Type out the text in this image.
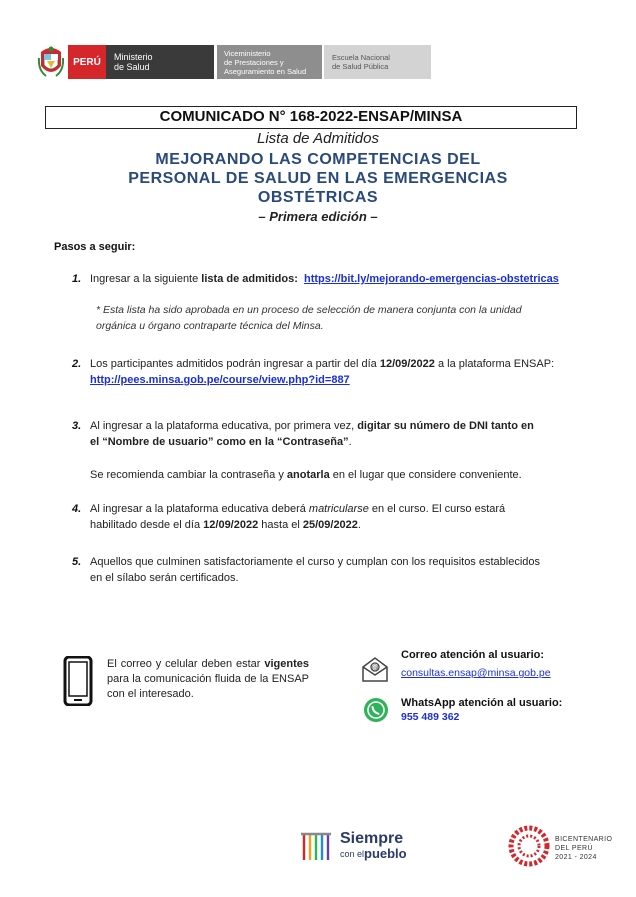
PERÚ Ministerio
de Salud
Viceministerio
de Prestaciones y
Aseguramiento en Salud
Escuela Nacional
de Salud Pública
COMUNICADO N° 168-2022-ENSAP/MINSA
Lista de Admitidos
MEJORANDO LAS COMPETENCIAS DEL
PERSONAL DE SALUD EN LAS EMERGENCIAS
OBSTÉTRICAS
– Primera edición –
Pasos a seguir:
1. Ingresar a la siguiente lista de admitidos: https://bit.ly/mejorando-emergencias-obstetricas
* Esta lista ha sido aprobada en un proceso de selección de manera conjunta con la unidad
orgánica u órgano contraparte técnica del Minsa.
2. Los participantes admitidos podrán ingresar a partir del día 12/09/2022 a la plataforma ENSAP:
http://pees.minsa.gob.pe/course/view.php?id=887
3. Al ingresar a la plataforma educativa, por primera vez, digitar su número de DNI tanto en
el “Nombre de usuario” como en la “Contraseña”.
Se recomienda cambiar la contraseña y anotarla en el lugar que considere conveniente.
4. Al ingresar a la plataforma educativa deberá matricularse en el curso. El curso estará
habilitado desde el día 12/09/2022 hasta el 25/09/2022.
5. Aquellos que culminen satisfactoriamente el curso y cumplan con los requisitos establecidos
en el sílabo serán certificados.
El correo y celular deben estar vigentes para la comunicación fluida de la ENSAP con el interesado.
@
Correo atención al usuario:
consultas.ensap@minsa.gob.pe
WhatsApp atención al usuario:
955 489 362
Siempre
con el pueblo
BICENTENARIO
DEL PERÚ
2021 - 2024
